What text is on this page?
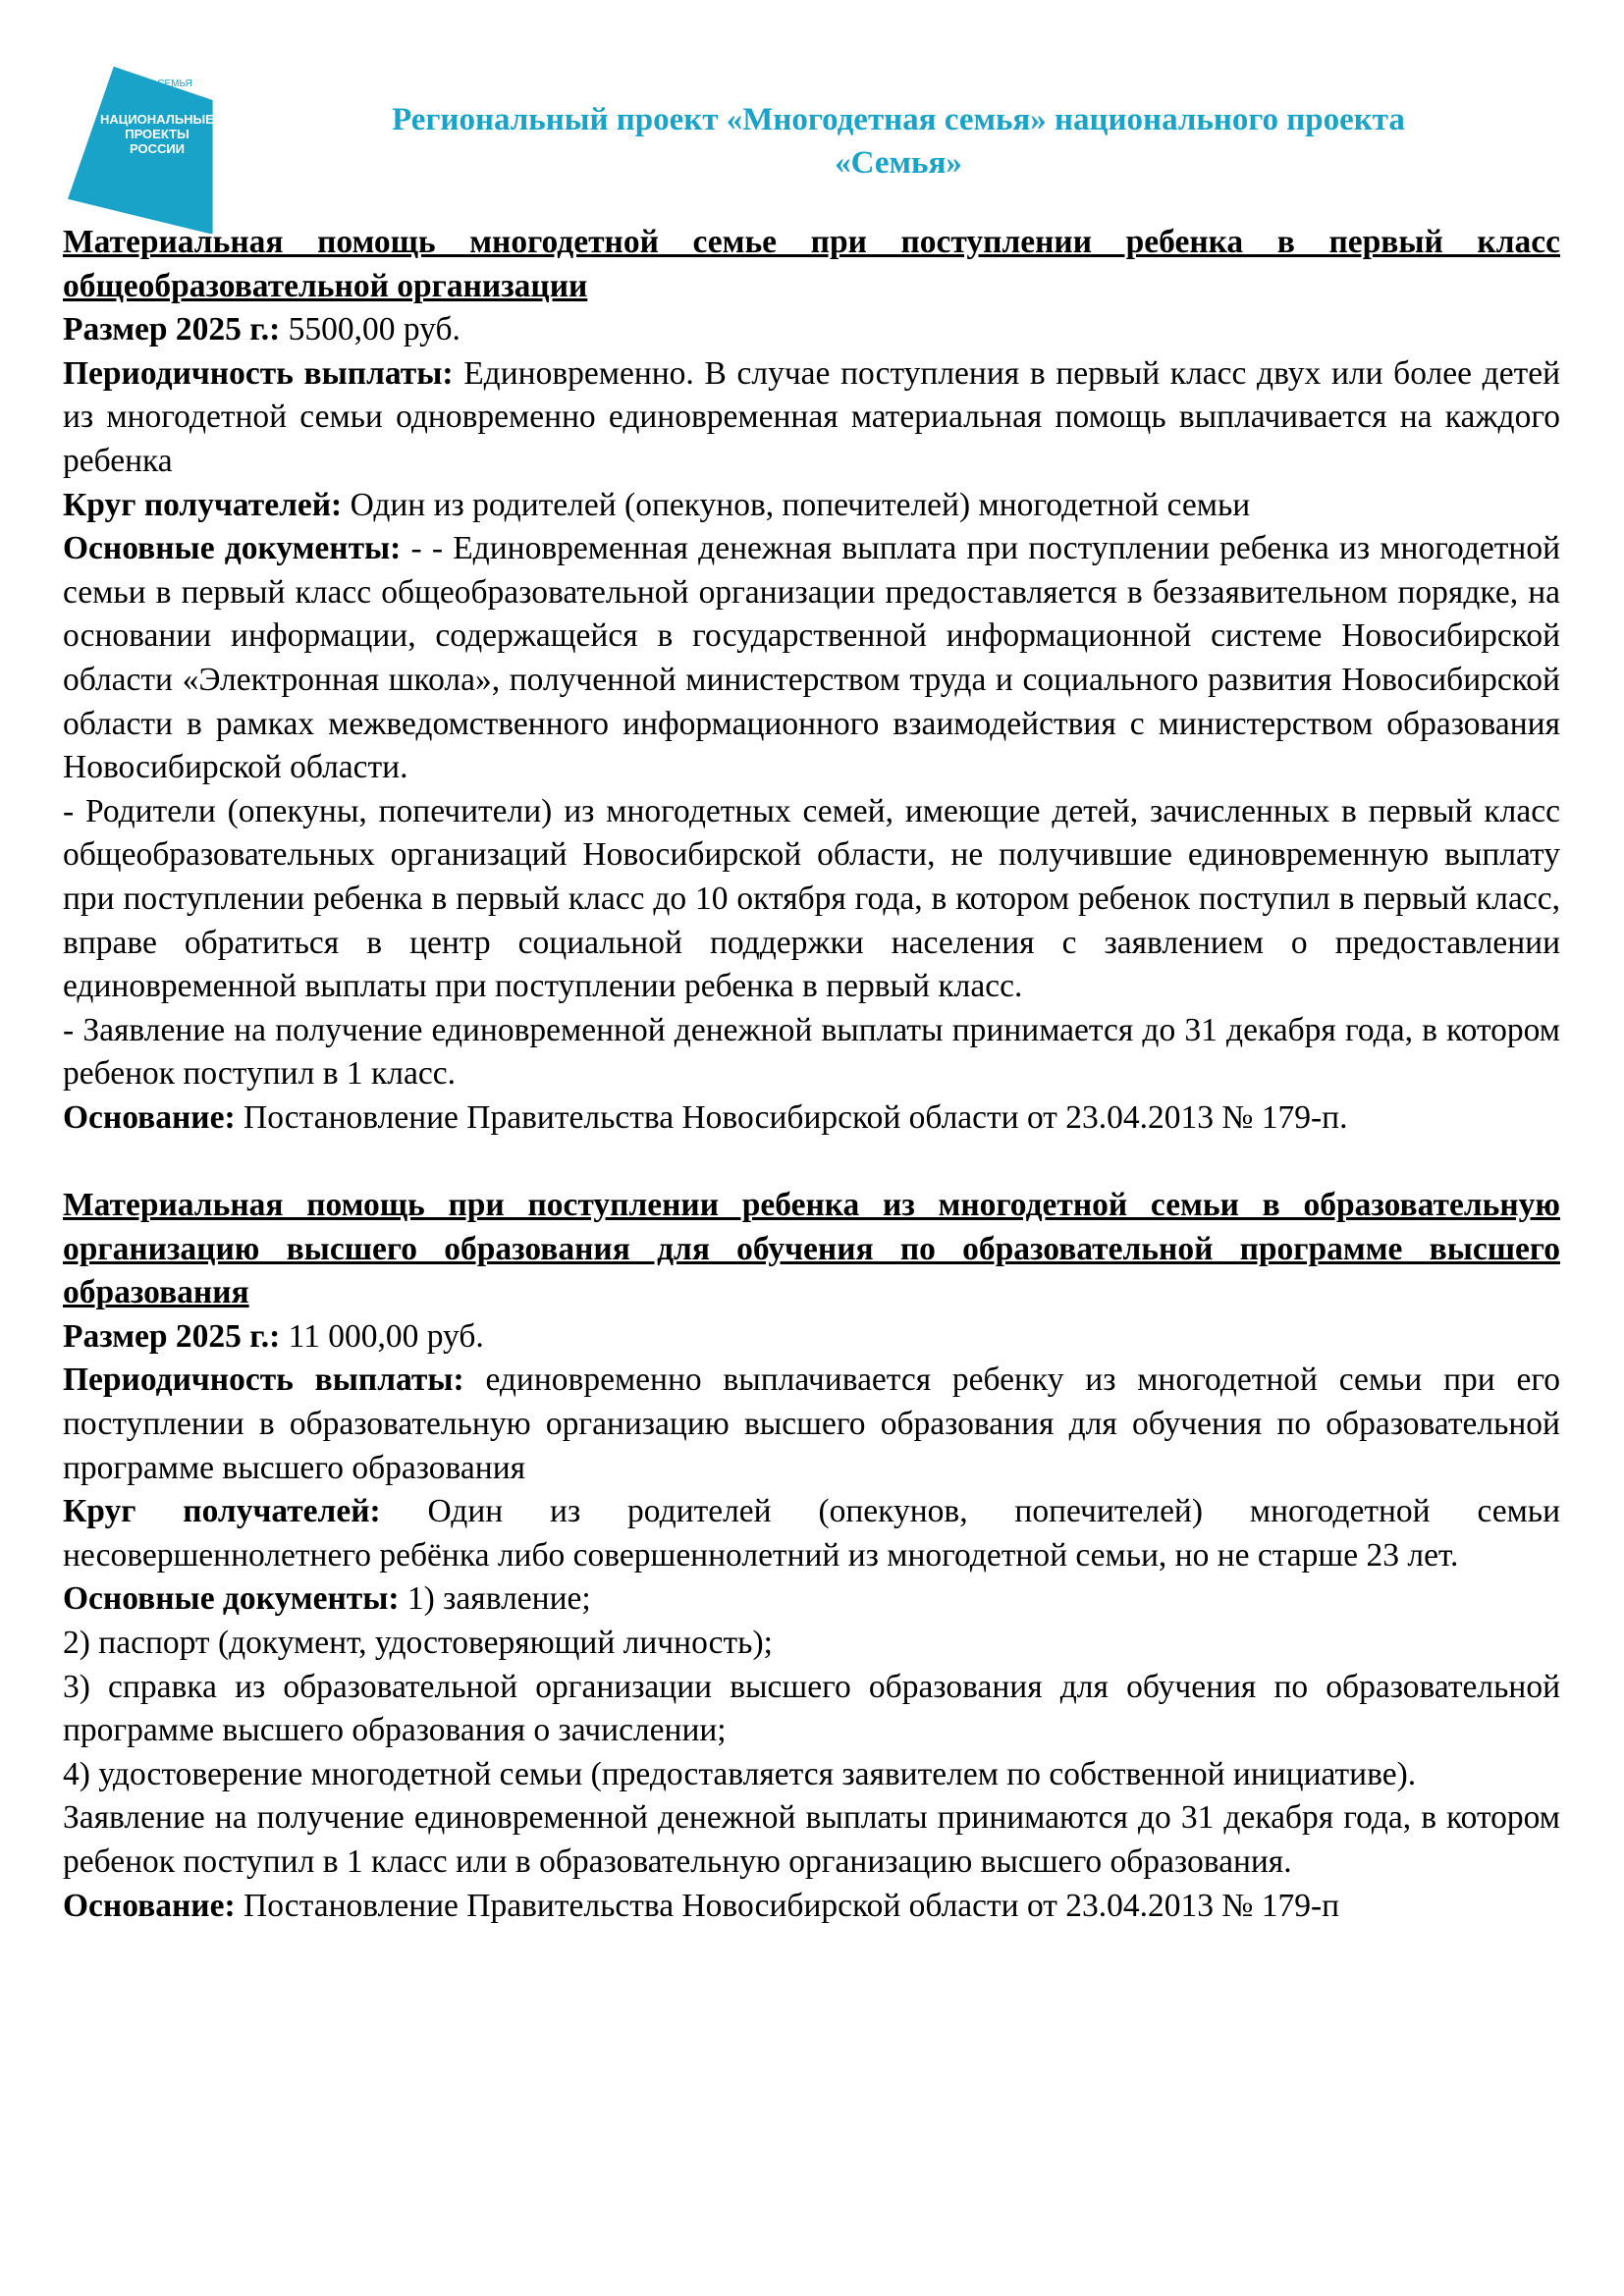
СЕМЬЯ
НАЦИОНАЛЬНЫЕ
ПРОЕКТЫ
РОССИИ
Региональный проект «Многодетная семья» национального проекта
«Семья»

Материальная помощь многодетной семье при поступлении ребенка в первый класс общеобразовательной организации

Размер 2025 г.: 5500,00 руб.

Периодичность выплаты: Единовременно. В случае поступления в первый класс двух или более детей из многодетной семьи одновременно единовременная материальная помощь выплачивается на каждого ребенка

Круг получателей: Один из родителей (опекунов, попечителей) многодетной семьи

Основные документы: - - Единовременная денежная выплата при поступлении ребенка из многодетной семьи в первый класс общеобразовательной организации предоставляется в беззаявительном порядке, на основании информации, содержащейся в государственной информационной системе Новосибирской области «Электронная школа», полученной министерством труда и социального развития Новосибирской области в рамках межведомственного информационного взаимодействия с министерством образования Новосибирской области.

- Родители (опекуны, попечители) из многодетных семей, имеющие детей, зачисленных в первый класс общеобразовательных организаций Новосибирской области, не получившие единовременную выплату при поступлении ребенка в первый класс до 10 октября года, в котором ребенок поступил в первый класс, вправе обратиться в центр социальной поддержки населения с заявлением о предоставлении единовременной выплаты при поступлении ребенка в первый класс.

- Заявление на получение единовременной денежной выплаты принимается до 31 декабря года, в котором ребенок поступил в 1 класс.

Основание: Постановление Правительства Новосибирской области от 23.04.2013 № 179-п.

Материальная помощь при поступлении ребенка из многодетной семьи в образовательную организацию высшего образования для обучения по образовательной программе высшего образования

Размер 2025 г.: 11 000,00 руб.

Периодичность выплаты: единовременно выплачивается ребенку из многодетной семьи при его поступлении в образовательную организацию высшего образования для обучения по образовательной программе высшего образования

Круг получателей: Один из родителей (опекунов, попечителей) многодетной семьи несовершеннолетнего ребёнка либо совершеннолетний из многодетной семьи, но не старше 23 лет.

Основные документы: 1) заявление;

2) паспорт (документ, удостоверяющий личность);

3) справка из образовательной организации высшего образования для обучения по образовательной программе высшего образования о зачислении;

4) удостоверение многодетной семьи (предоставляется заявителем по собственной инициативе).

Заявление на получение единовременной денежной выплаты принимаются до 31 декабря года, в котором ребенок поступил в 1 класс или в образовательную организацию высшего образования.

Основание: Постановление Правительства Новосибирской области от 23.04.2013 № 179-п
